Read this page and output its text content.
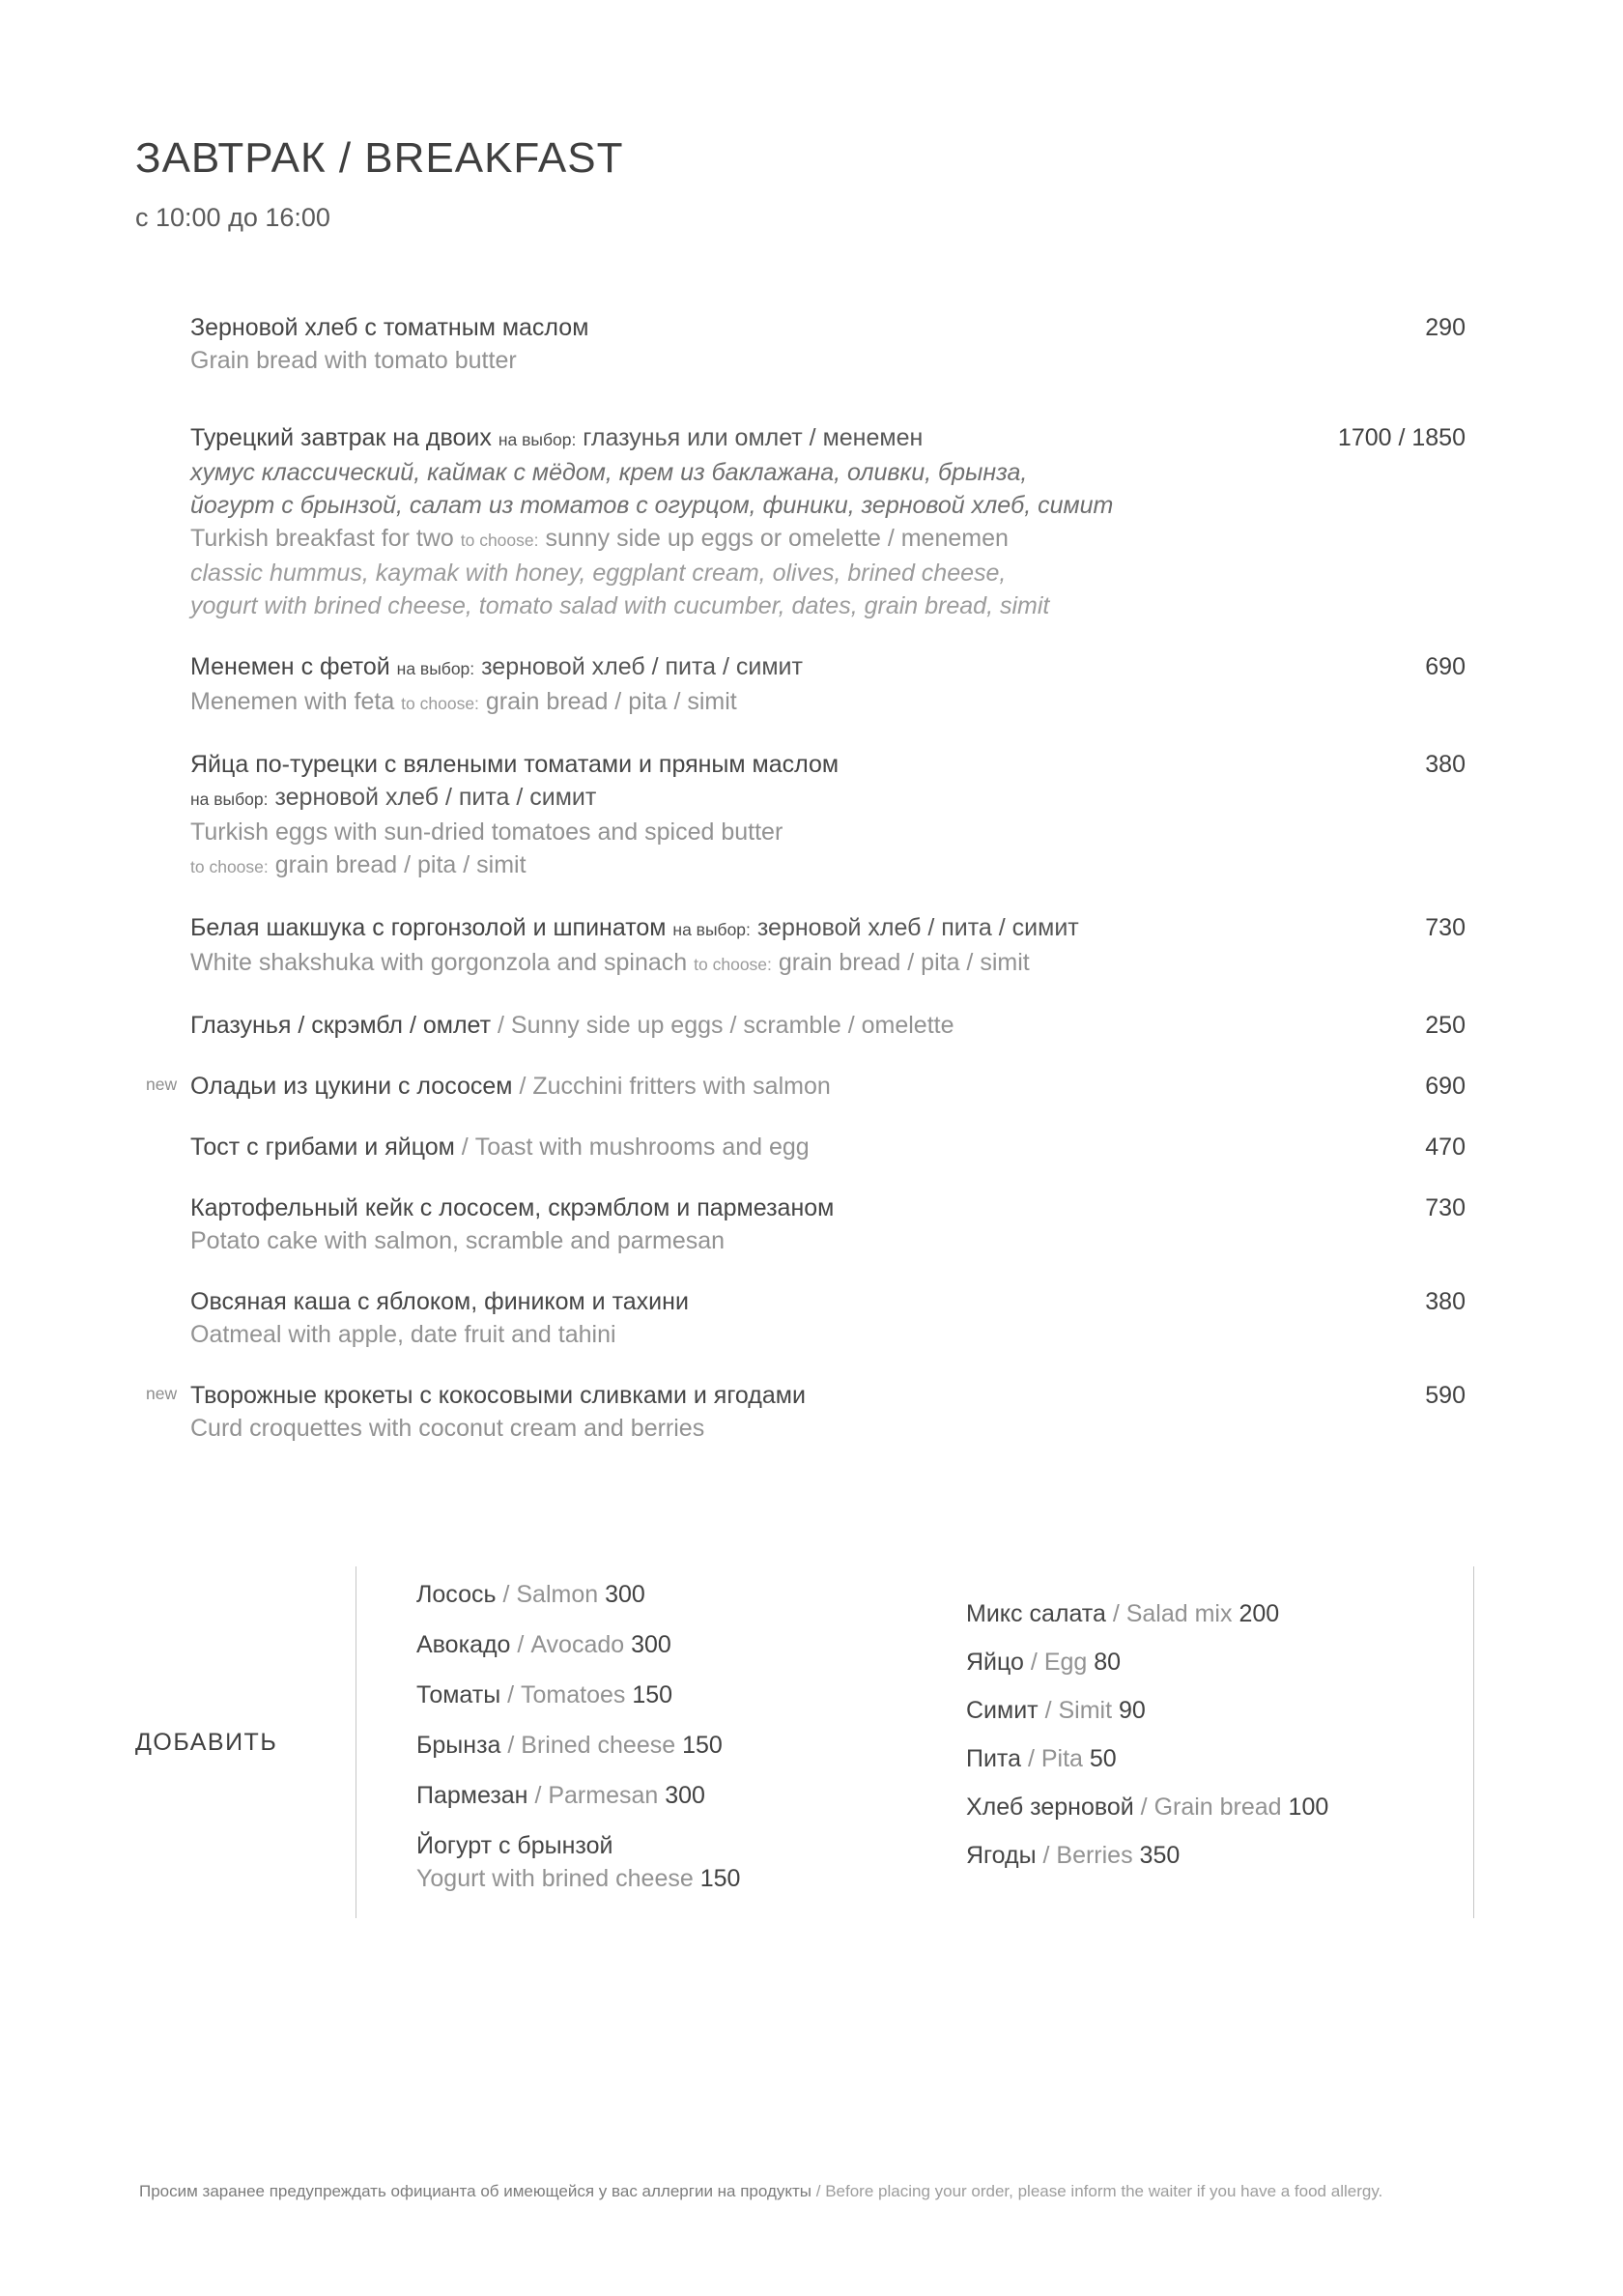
ЗАВТРАК / BREAKFAST
с 10:00 до 16:00
Зерновой хлеб с томатным маслом
Grain bread with tomato butter
290
Турецкий завтрак на двоих на выбор: глазунья или омлет / менемен
хумус классический, каймак с мёдом, крем из баклажана, оливки, брынза,
йогурт с брынзой, салат из томатов с огурцом, финики, зерновой хлеб, симит
Turkish breakfast for two to choose: sunny side up eggs or omelette / menemen
classic hummus, kaymak with honey, eggplant cream, olives, brined cheese,
yogurt with brined cheese, tomato salad with cucumber, dates, grain bread, simit
1700 / 1850
Менемен с фетой на выбор: зерновой хлеб / пита / симит
Menemen with feta to choose: grain bread / pita / simit
690
Яйца по-турецки с вялеными томатами и пряным маслом
на выбор: зерновой хлеб / пита / симит
Turkish eggs with sun-dried tomatoes and spiced butter
to choose: grain bread / pita / simit
380
Белая шакшука с горгонзолой и шпинатом на выбор: зерновой хлеб / пита / симит
White shakshuka with gorgonzola and spinach to choose: grain bread / pita / simit
730
Глазунья / скрэмбл / омлет / Sunny side up eggs / scramble / omelette	250
new Оладьи из цукини с лососем / Zucchini fritters with salmon	690
Тост с грибами и яйцом / Toast with mushrooms and egg	470
Картофельный кейк с лососем, скрэмблом и пармезаном
Potato cake with salmon, scramble and parmesan
730
Овсяная каша с яблоком, фиником и тахини
Oatmeal with apple, date fruit and tahini
380
new Творожные крокеты с кокосовыми сливками и ягодами
Curd croquettes with coconut cream and berries
590
ДОБАВИТЬ
Лосось / Salmon 300
Авокадо / Avocado 300
Томаты / Tomatoes 150
Брынза / Brined cheese 150
Пармезан / Parmesan 300
Йогурт с брынзой
Yogurt with brined cheese 150
Микс салата / Salad mix 200
Яйцо / Egg 80
Симит / Simit 90
Пита / Pita 50
Хлеб зерновой / Grain bread 100
Ягоды / Berries 350
Просим заранее предупреждать официанта об имеющейся у вас аллергии на продукты / Before placing your order, please inform the waiter if you have a food allergy.
